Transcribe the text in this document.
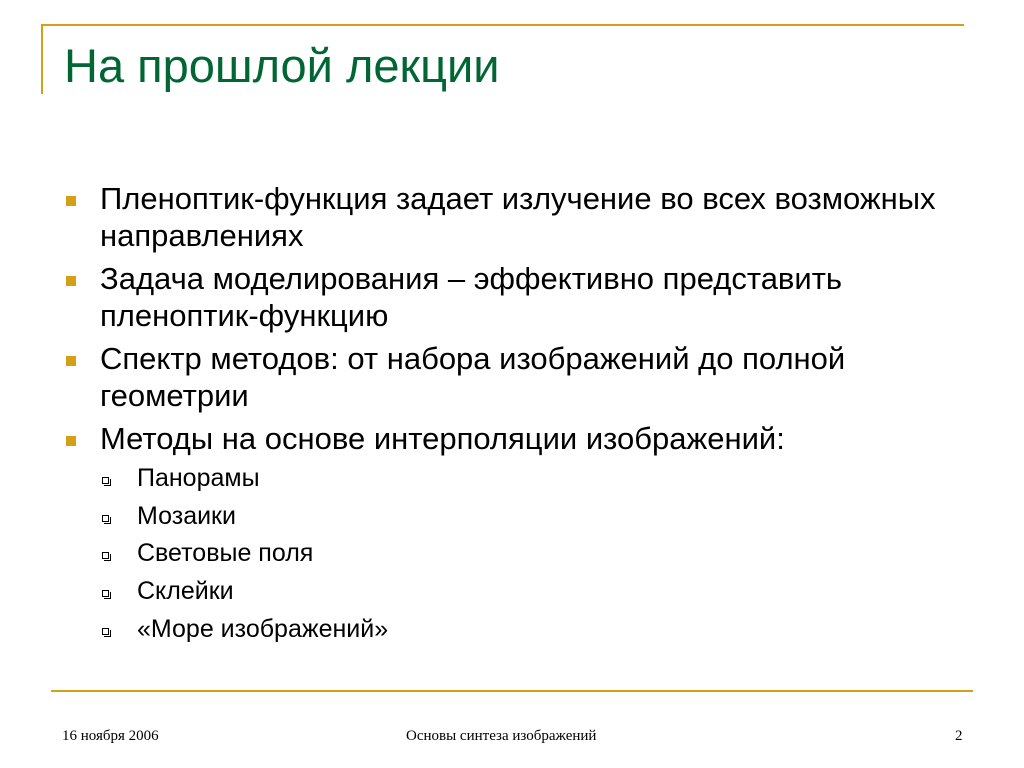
На прошлой лекции
Пленоптик-функция задает излучение во всех возможных направлениях
Задача моделирования – эффективно представить пленоптик-функцию
Спектр методов: от набора изображений до полной геометрии
Методы на основе интерполяции изображений:
Панорамы
Мозаики
Световые поля
Склейки
«Море изображений»
16 ноября 2006	Основы синтеза изображений	2
